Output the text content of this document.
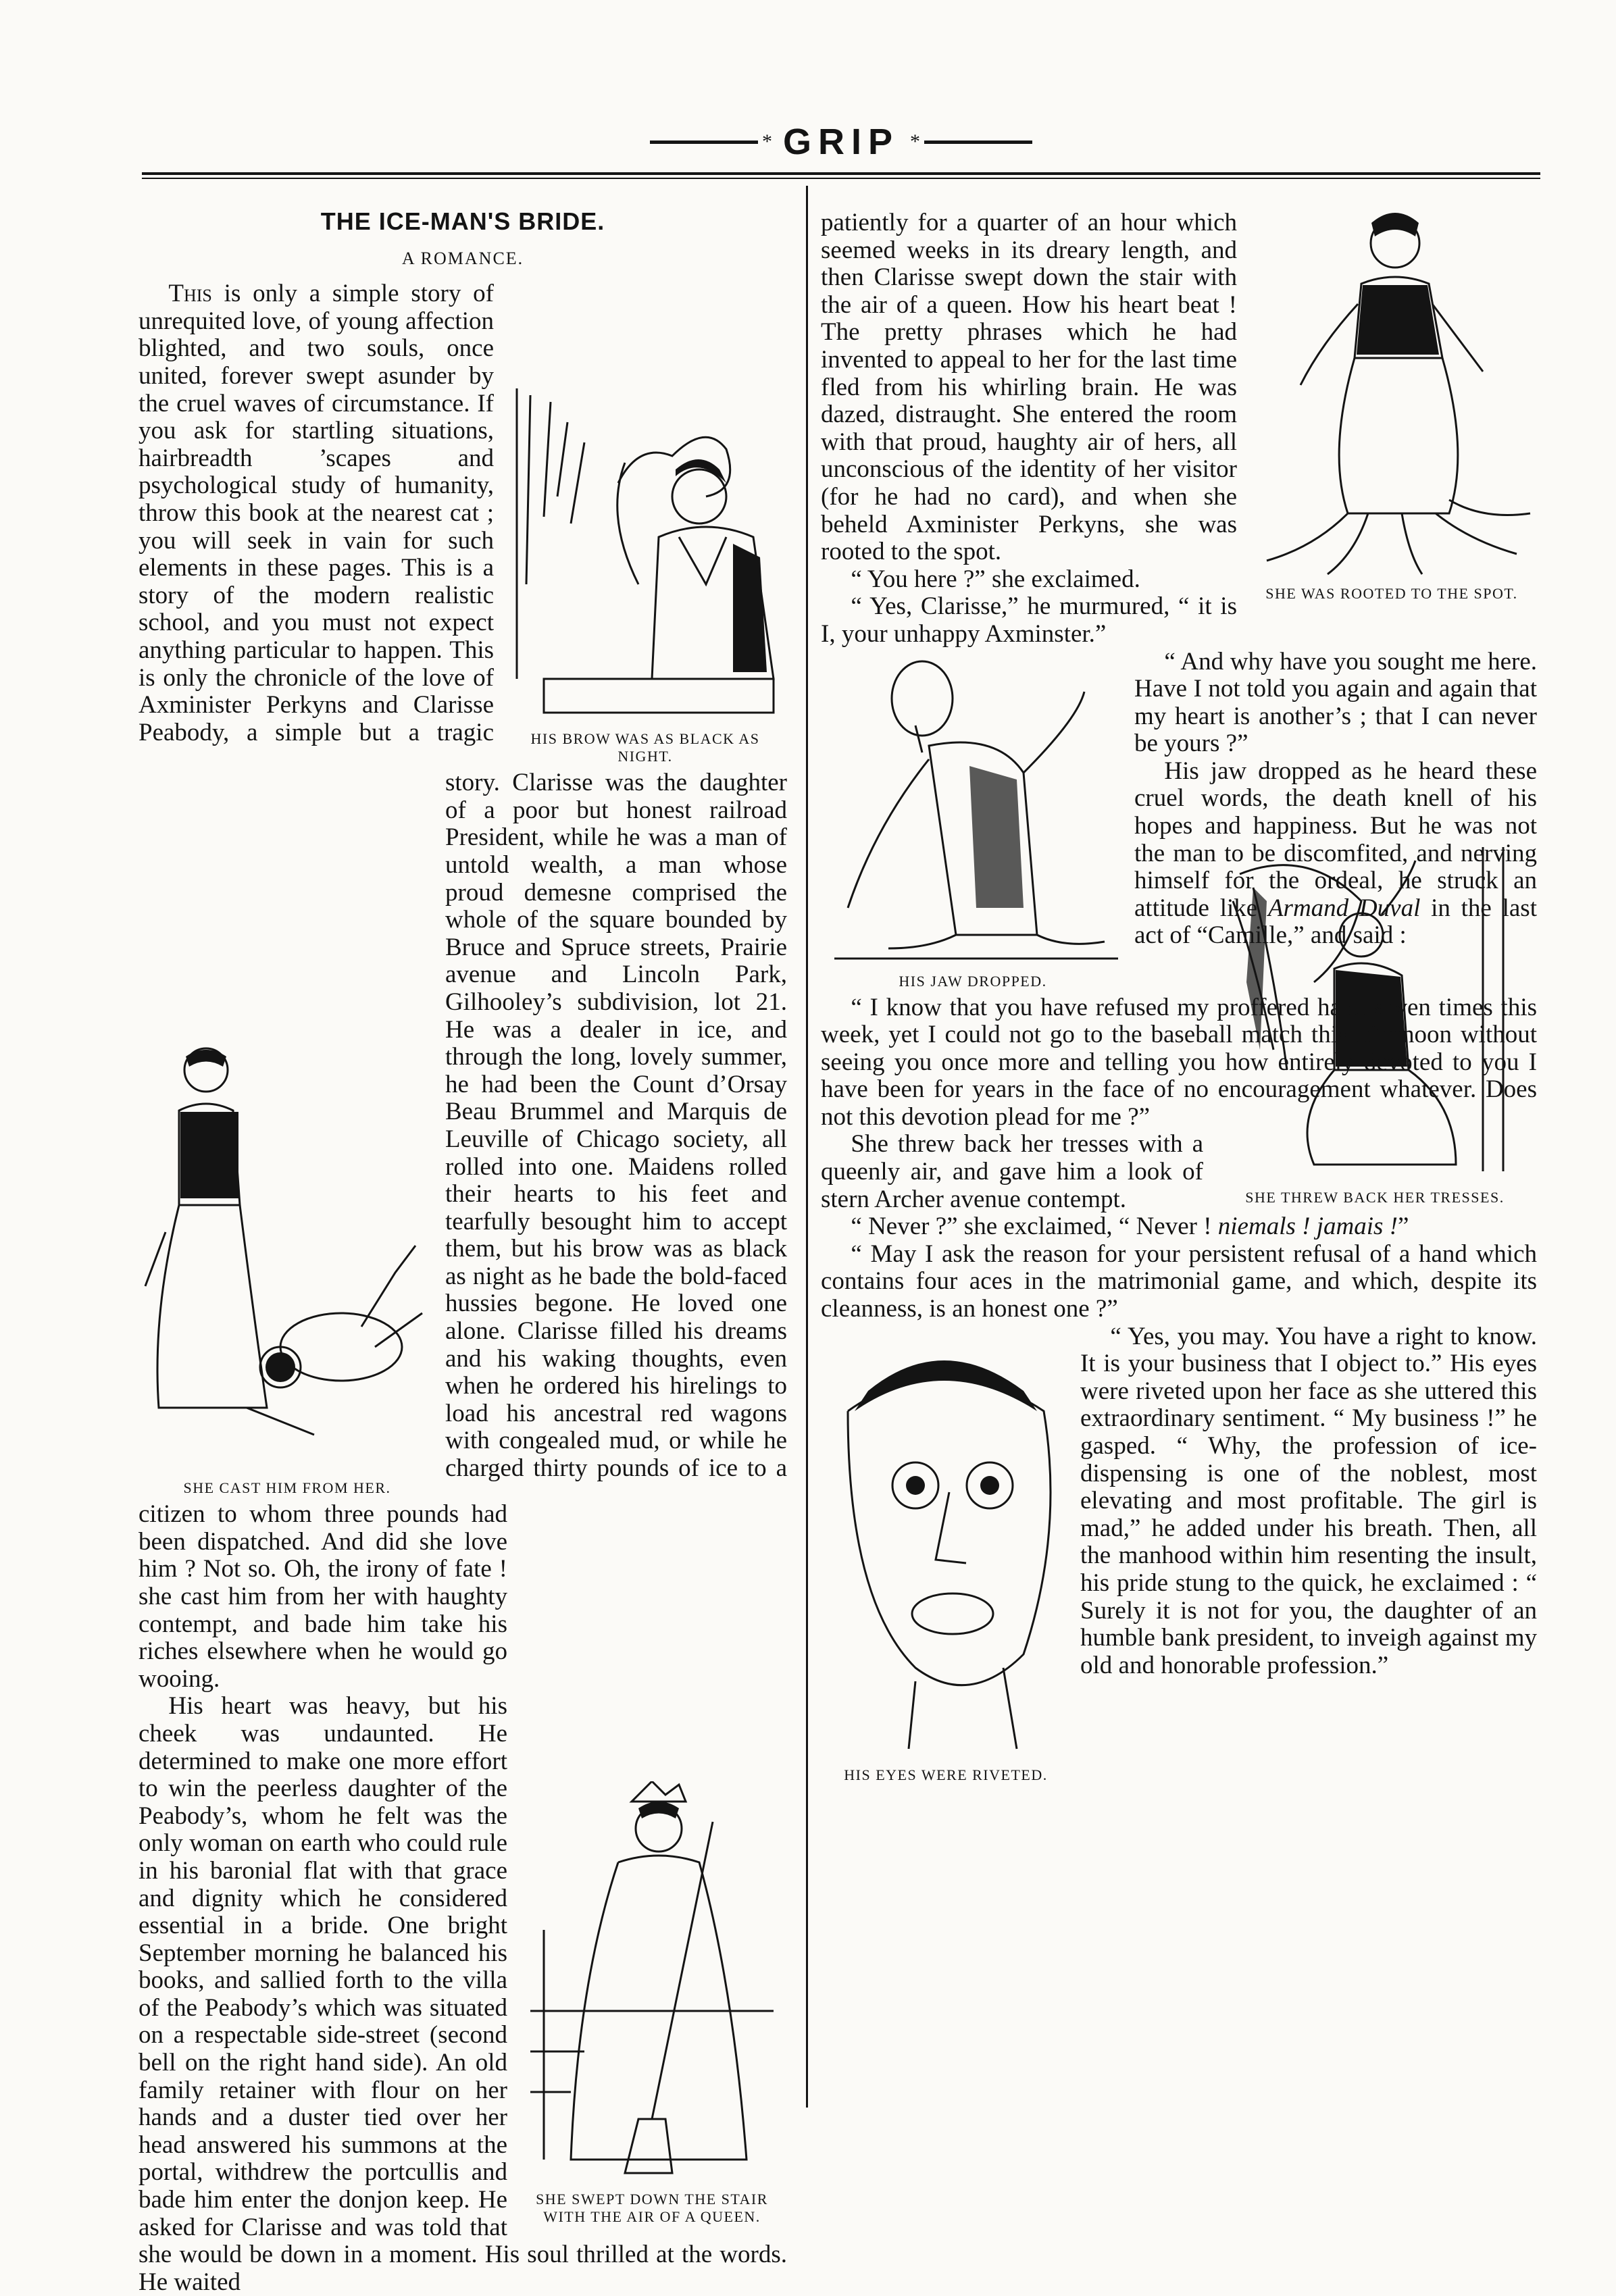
* GRIP *
THE ICE-MAN'S BRIDE.
A ROMANCE.
HIS BROW WAS AS BLACK AS NIGHT.
SHE CAST HIM FROM HER.
SHE SWEPT DOWN THE STAIR WITH THE AIR OF A QUEEN.

This is only a simple story of unrequited love, of young affection blighted, and two souls, once united, forever swept asunder by the cruel waves of circumstance. If you ask for startling situations, hairbreadth ’scapes and psychological study of humanity, throw this book at the nearest cat ; you will seek in vain for such elements in these pages. This is a story of the modern realistic school, and you must not expect anything particular to happen. This is only the chronicle of the love of Axminister Perkyns and Clarisse Peabody, a simple but a tragic story. Clarisse was the daughter of a poor but honest railroad President, while he was a man of untold wealth, a man whose proud demesne comprised the whole of the square bounded by Bruce and Spruce streets, Prairie avenue and Lincoln Park, Gilhooley’s subdivision, lot 21. He was a dealer in ice, and through the long, lovely summer, he had been the Count d’Orsay Beau Brummel and Marquis de Leuville of Chicago society, all rolled into one. Maidens rolled their hearts to his feet and tearfully besought him to accept them, but his brow was as black as night as he bade the bold-faced hussies begone. He loved one alone. Clarisse filled his dreams and his waking thoughts, even when he ordered his hirelings to load his ancestral red wagons with congealed mud, or while he charged thirty pounds of ice to a citizen to whom three pounds had been dispatched. And did she love him ? Not so. Oh, the irony of fate ! she cast him from her with haughty contempt, and bade him take his riches elsewhere when he would go wooing.

His heart was heavy, but his cheek was undaunted. He determined to make one more effort to win the peerless daughter of the Peabody’s, whom he felt was the only woman on earth who could rule in his baronial flat with that grace and dignity which he considered essential in a bride. One bright September morning he balanced his books, and sallied forth to the villa of the Peabody’s which was situated on a respectable side-street (second bell on the right hand side). An old family retainer with flour on her hands and a duster tied over her head answered his summons at the portal, withdrew the portcullis and bade him enter the donjon keep. He asked for Clarisse and was told that she would be down in a moment. His soul thrilled at the words. He waited

SHE WAS ROOTED TO THE SPOT.

patiently for a quarter of an hour which seemed weeks in its dreary length, and then Clarisse swept down the stair with the air of a queen. How his heart beat ! The pretty phrases which he had invented to appeal to her for the last time fled from his whirling brain. He was dazed, distraught. She entered the room with that proud, haughty air of hers, all unconscious of the identity of her visitor (for he had no card), and when she beheld Axminister Perkyns, she was rooted to the spot.

“ You here ?” she exclaimed.

“ Yes, Clarisse,” he murmured, “ it is I, your unhappy Axminster.”

HIS JAW DROPPED.

“ And why have you sought me here. Have I not told you again and again that my heart is another’s ; that I can never be yours ?”

His jaw dropped as he heard these cruel words, the death knell of his hopes and happiness. But he was not the man to be discomfited, and nerving himself for the ordeal, he struck an attitude like Armand Duval in the last act of “Camille,” and said :

“ I know that you have refused my proffered hand seven times this week, yet I could not go to the baseball match this afternoon without seeing you once more and telling you how entirely devoted to you I have been for years in the face of no encouragement whatever. Does not this devotion plead for me ?”

SHE THREW BACK HER TRESSES.

She threw back her tresses with a queenly air, and gave him a look of stern Archer avenue contempt.

“ Never ?” she exclaimed, “ Never ! niemals ! jamais !”

“ May I ask the reason for your persistent refusal of a hand which contains four aces in the matrimonial game, and which, despite its cleanness, is an honest one ?”

HIS EYES WERE RIVETED.

“ Yes, you may. You have a right to know. It is your business that I object to.” His eyes were riveted upon her face as she uttered this extraordinary sentiment. “ My business !” he gasped. “ Why, the profession of ice-dispensing is one of the noblest, most elevating and most profitable. The girl is mad,” he added under his breath. Then, all the manhood within him resenting the insult, his pride stung to the quick, he exclaimed : “ Surely it is not for you, the daughter of an humble bank president, to inveigh against my old and honorable profession.”
